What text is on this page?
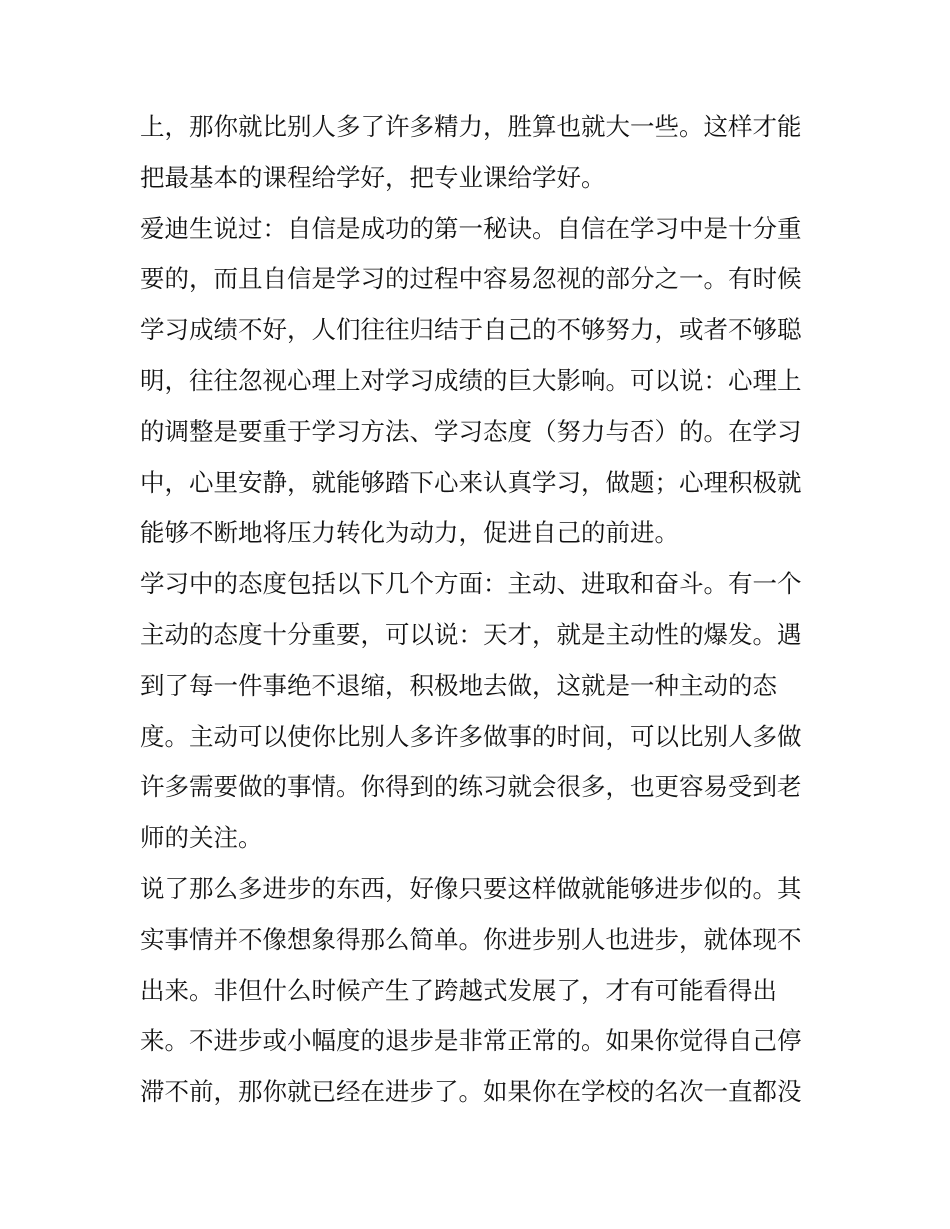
上，那你就比别人多了许多精力，胜算也就大一些。这样才能
把最基本的课程给学好，把专业课给学好。
爱迪生说过：自信是成功的第一秘诀。自信在学习中是十分重
要的，而且自信是学习的过程中容易忽视的部分之一。有时候
学习成绩不好，人们往往归结于自己的不够努力，或者不够聪
明，往往忽视心理上对学习成绩的巨大影响。可以说：心理上
的调整是要重于学习方法、学习态度（努力与否）的。在学习
中，心里安静，就能够踏下心来认真学习，做题；心理积极就
能够不断地将压力转化为动力，促进自己的前进。
学习中的态度包括以下几个方面：主动、进取和奋斗。有一个
主动的态度十分重要，可以说：天才，就是主动性的爆发。遇
到了每一件事绝不退缩，积极地去做，这就是一种主动的态
度。主动可以使你比别人多许多做事的时间，可以比别人多做
许多需要做的事情。你得到的练习就会很多，也更容易受到老
师的关注。
说了那么多进步的东西，好像只要这样做就能够进步似的。其
实事情并不像想象得那么简单。你进步别人也进步，就体现不
出来。非但什么时候产生了跨越式发展了，才有可能看得出
来。不进步或小幅度的退步是非常正常的。如果你觉得自己停
滞不前，那你就已经在进步了。如果你在学校的名次一直都没
